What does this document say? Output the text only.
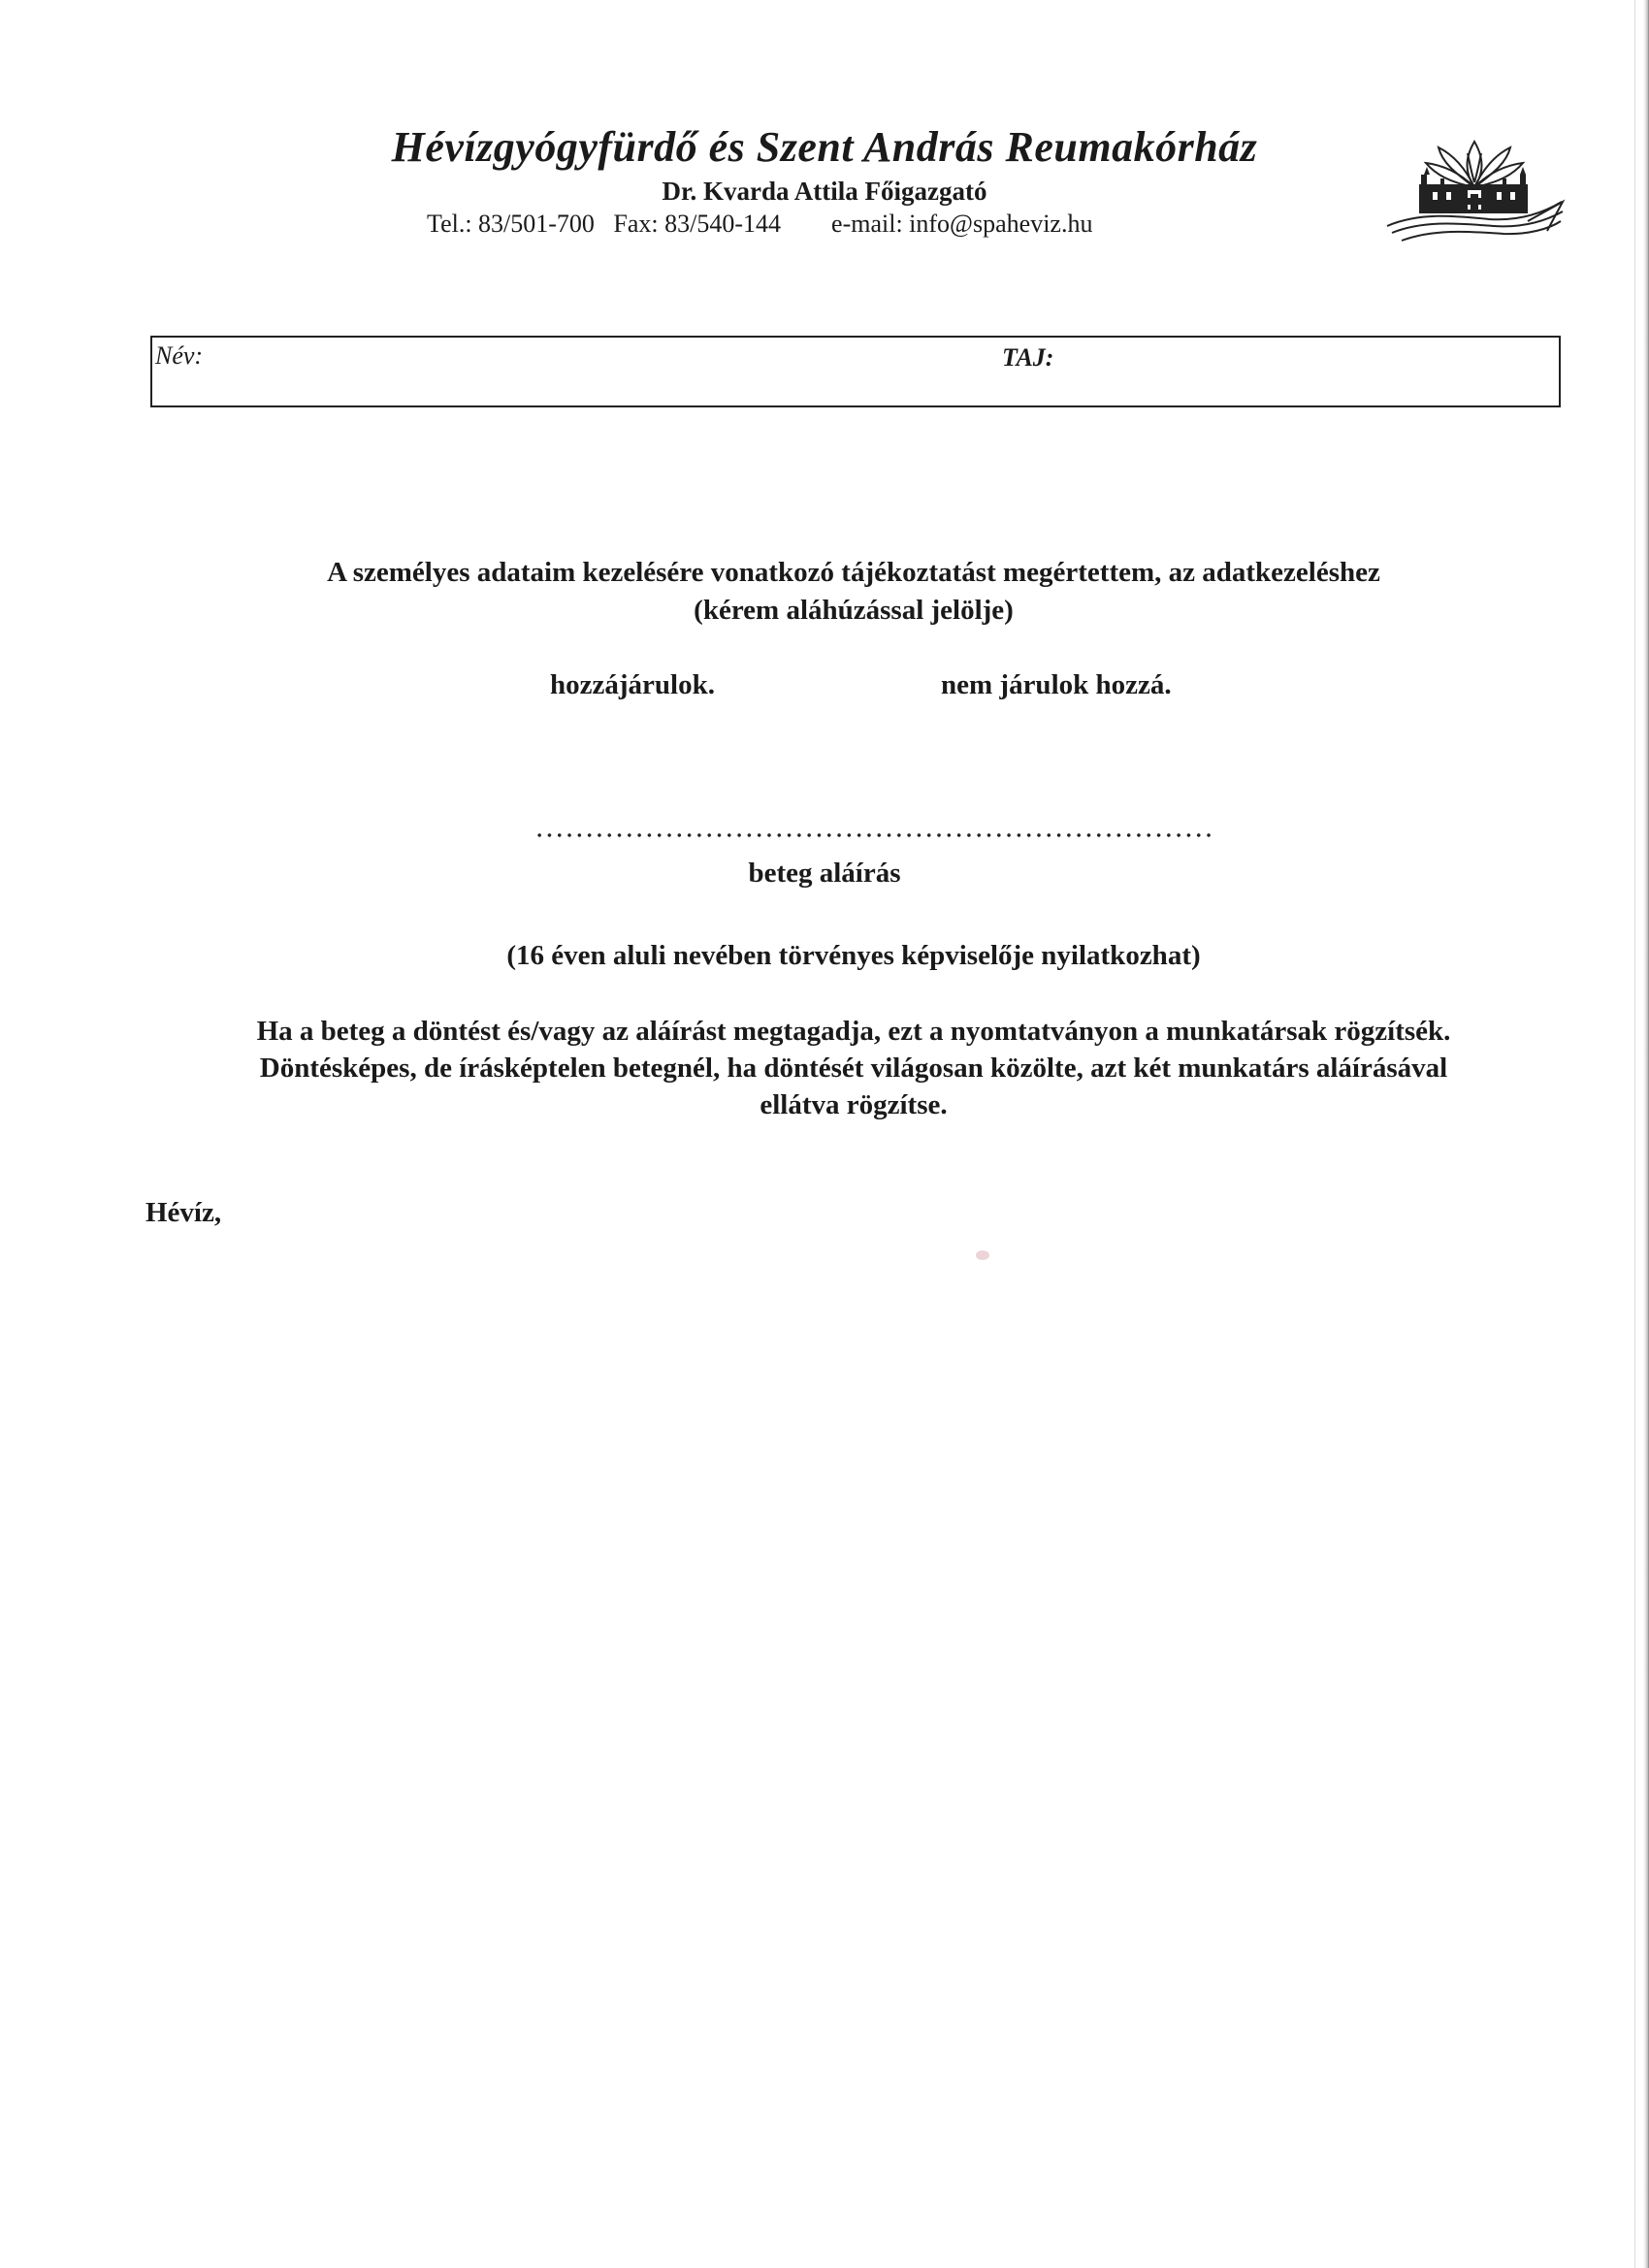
Hévízgyógyfürdő és Szent András Reumakórház
Dr. Kvarda Attila Főigazgató
Tel.: 83/501-700   Fax: 83/540-144        e-mail: info@spaheviz.hu
Név:	TAJ:
A személyes adataim kezelésére vonatkozó tájékoztatást megértettem, az adatkezeléshez
(kérem aláhúzással jelölje)
hozzájárulok.	nem járulok hozzá.
beteg aláírás
(16 éven aluli nevében törvényes képviselője nyilatkozhat)
Ha a beteg a döntést és/vagy az aláírást megtagadja, ezt a nyomtatványon a munkatársak rögzítsék.
Döntésképes, de írásképtelen betegnél, ha döntését világosan közölte, azt két munkatárs aláírásával
ellátva rögzítse.
Hévíz,
